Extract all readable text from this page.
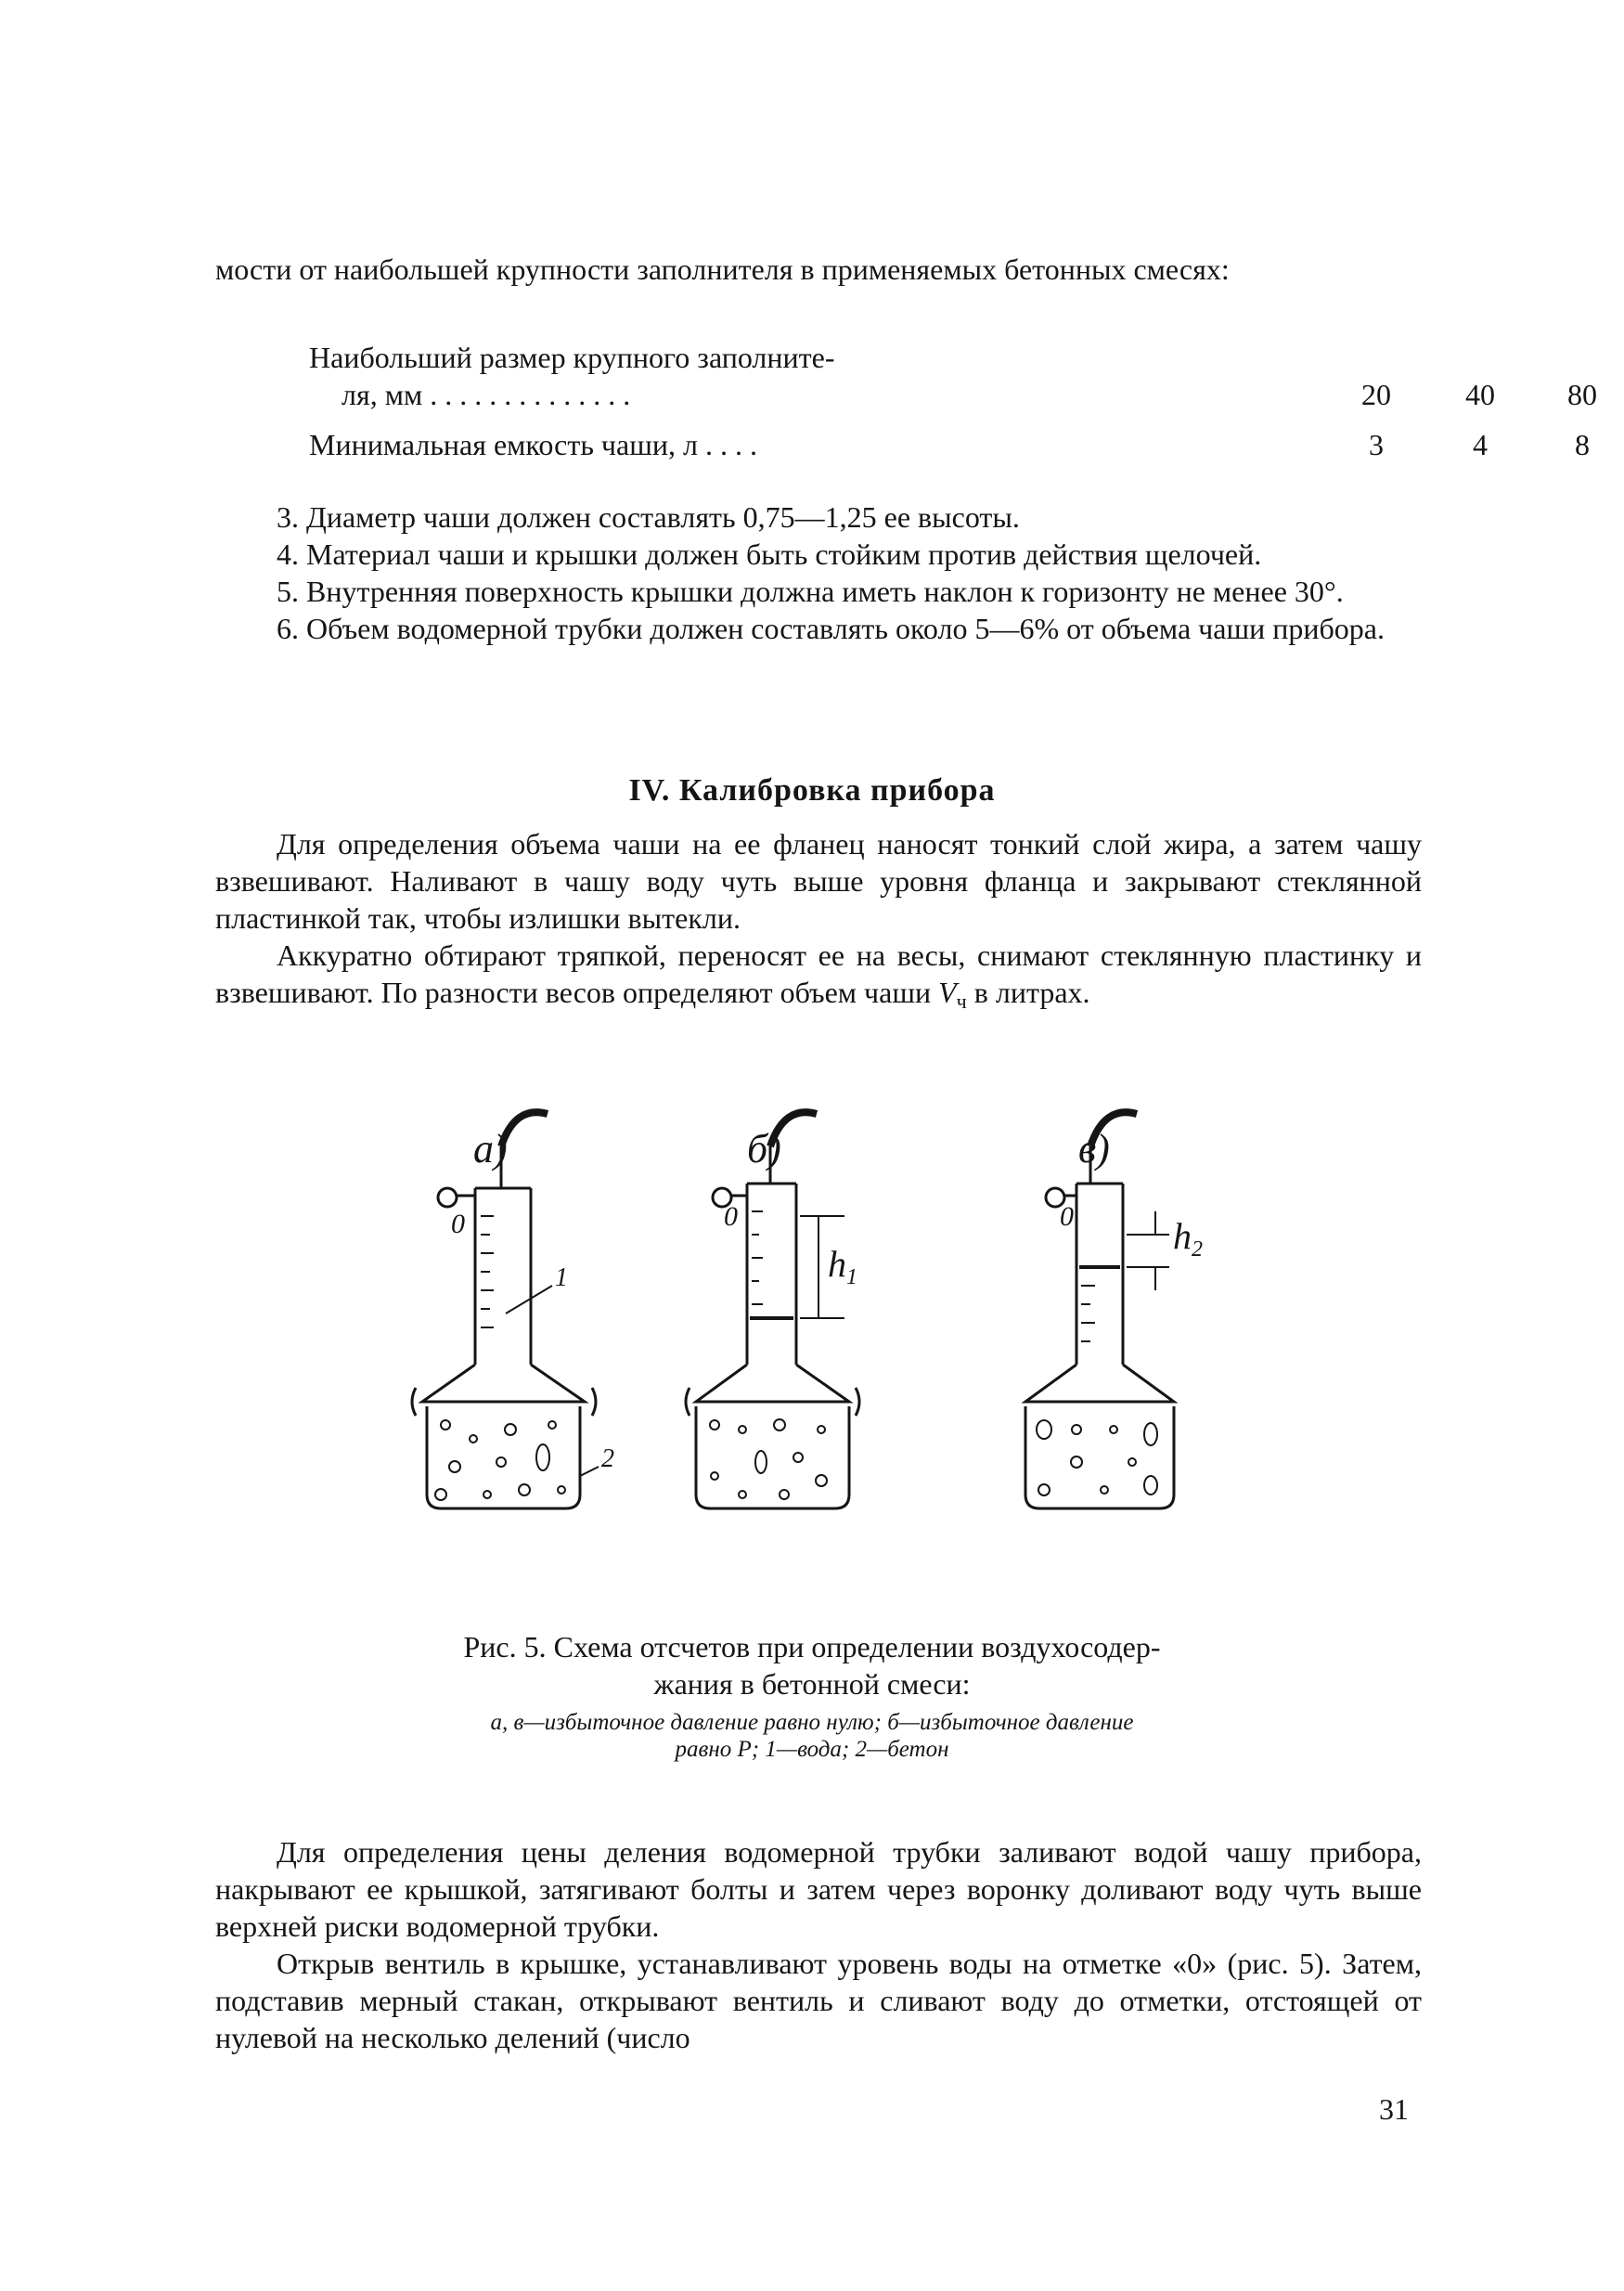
мости от наибольшей крупности заполнителя в применяемых бетонных смесях:

Наибольший размер крупного заполните-
ля, мм . . . . . . . . . . . . . .	20	40	80
Минимальная емкость чаши, л . . . .	3	4	8

3. Диаметр чаши должен составлять 0,75—1,25 ее высоты.

4. Материал чаши и крышки должен быть стойким против действия щелочей.

5. Внутренняя поверхность крышки должна иметь наклон к горизонту не менее 30°.

6. Объем водомерной трубки должен составлять около 5—6% от объема чаши прибора.

IV. Калибровка прибора

Для определения объема чаши на ее фланец наносят тонкий слой жира, а затем чашу взвешивают. Наливают в чашу воду чуть выше уровня фланца и закрывают стеклянной пластинкой так, чтобы излишки вытекли.

Аккуратно обтирают тряпкой, переносят ее на весы, снимают стеклянную пластинку и взвешивают. По разности весов определяют объем чаши $V_ч$ в литрах.

а)	б)	в)
0	0	0
1
2
$h_1$
$h_2$
Рис. 5. Схема отсчетов при определении воздухосодер-
жания в бетонной смеси:
а, в—избыточное давление равно нулю; б—избыточное давление
равно Р; 1—вода; 2—бетон

Для определения цены деления водомерной трубки заливают водой чашу прибора, накрывают ее крышкой, затягивают болты и затем через воронку доливают воду чуть выше верхней риски водомерной трубки.

Открыв вентиль в крышке, устанавливают уровень воды на отметке «0» (рис. 5). Затем, подставив мерный стакан, открывают вентиль и сливают воду до отметки, отстоящей от нулевой на несколько делений (число

31
